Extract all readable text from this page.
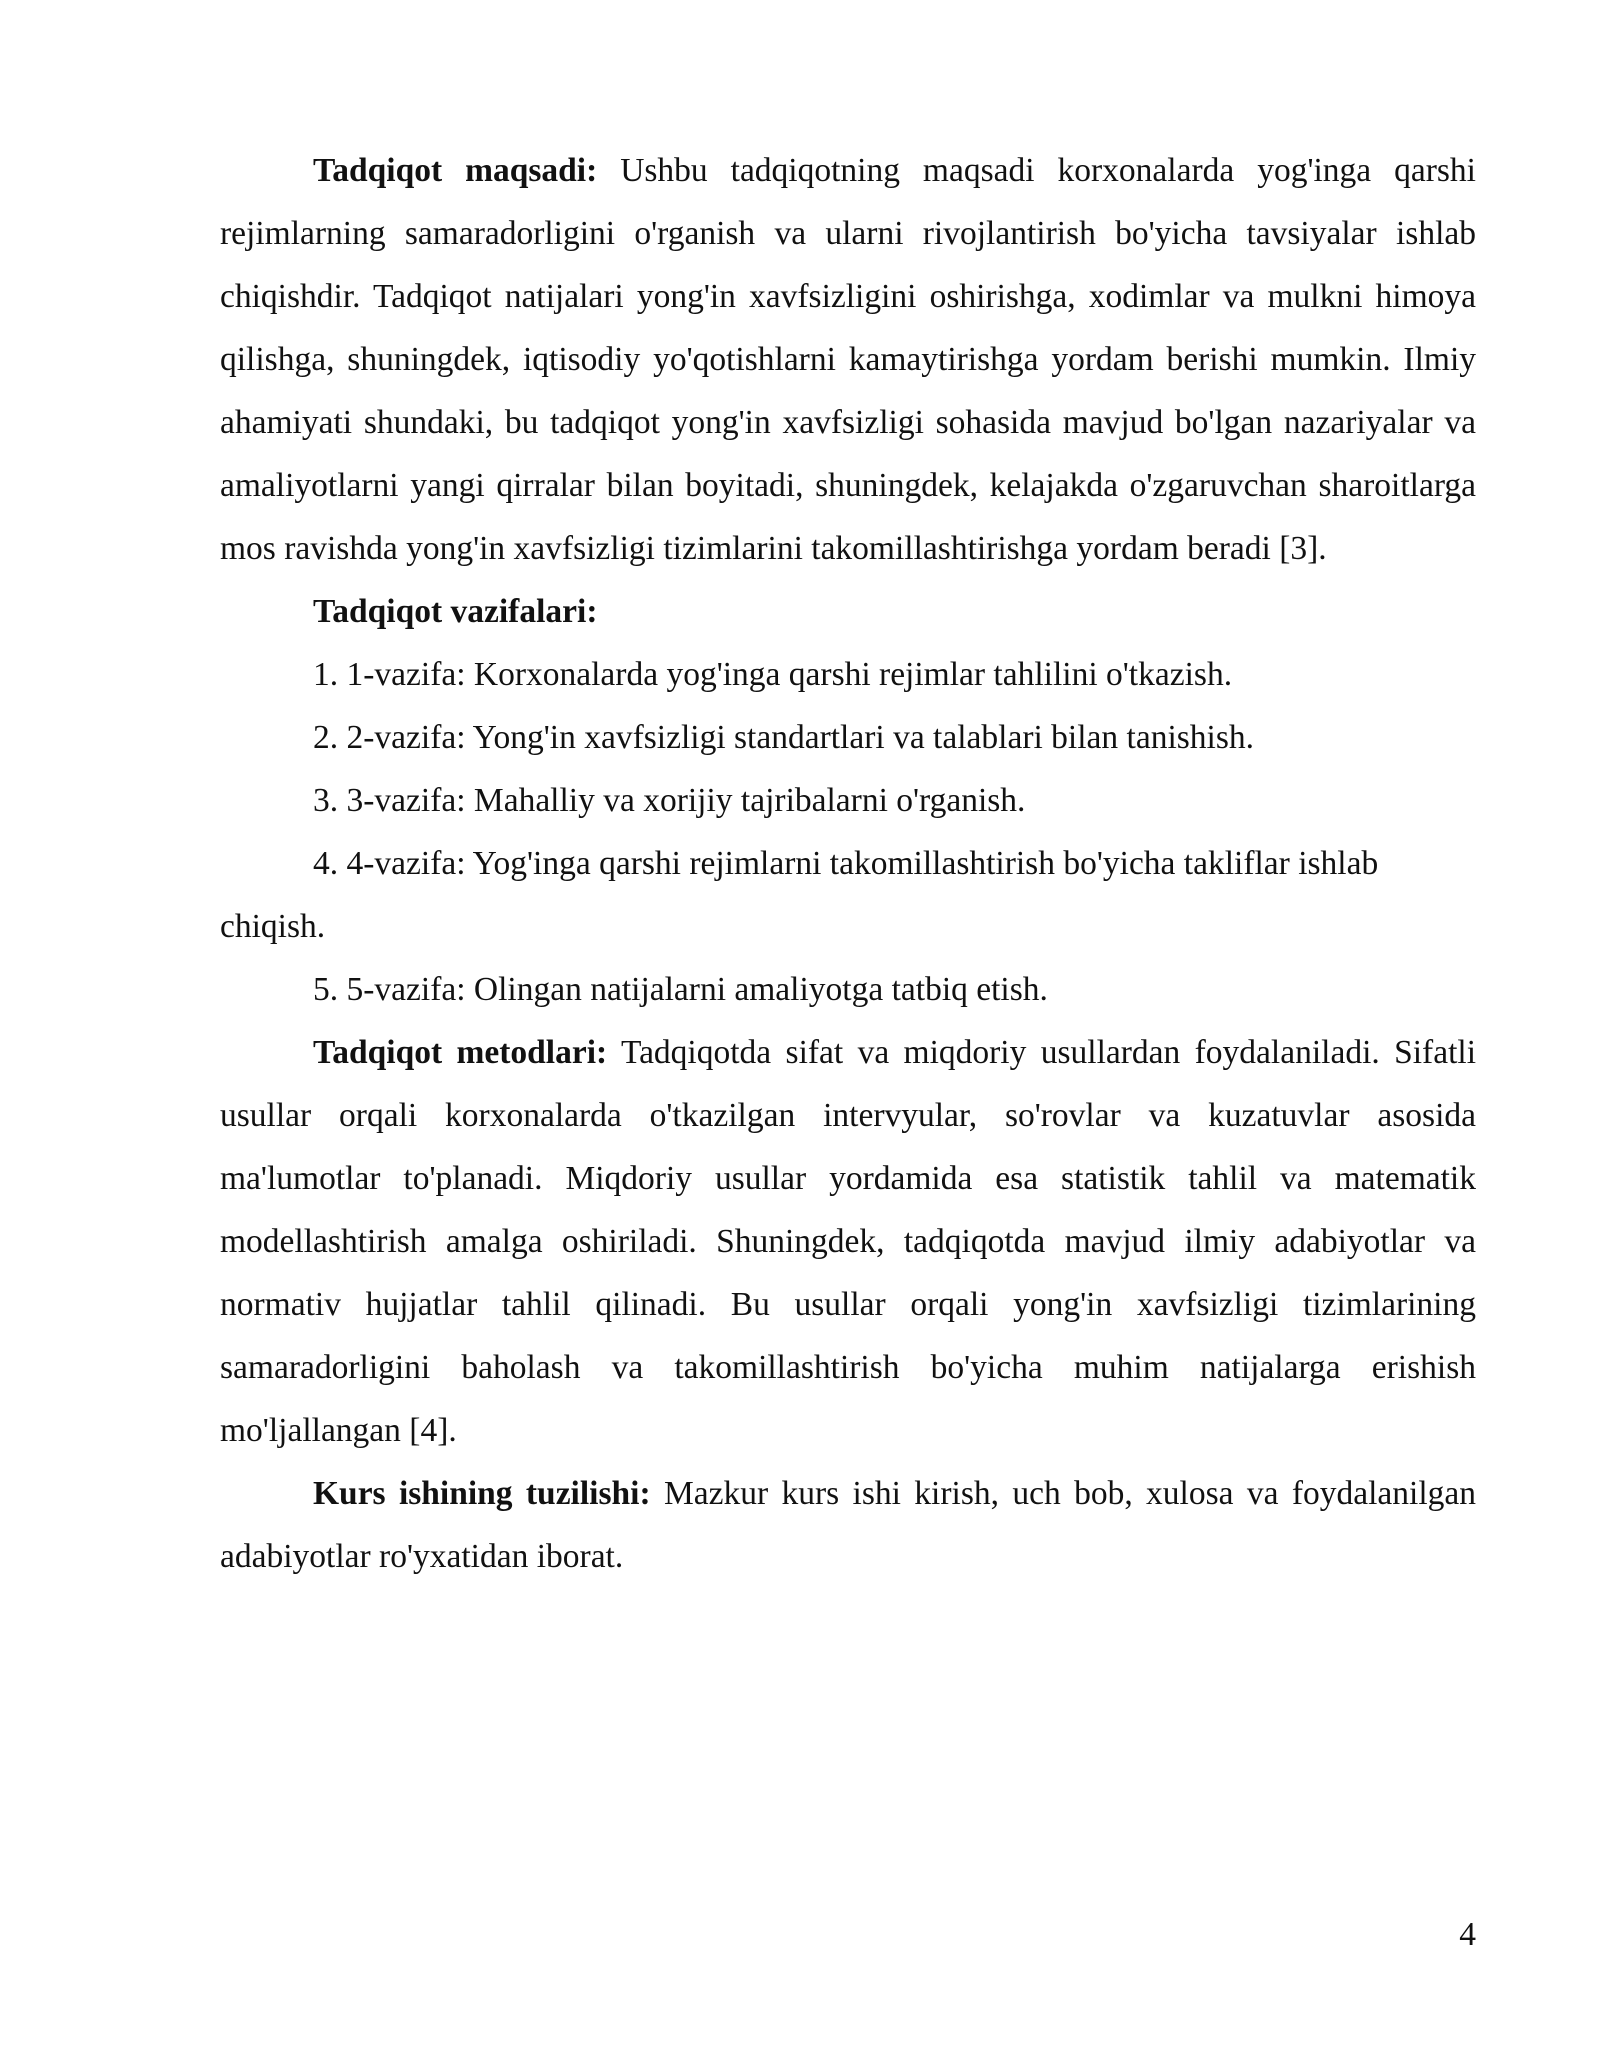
Tadqiqot maqsadi: Ushbu tadqiqotning maqsadi korxonalarda yog'inga qarshi rejimlarning samaradorligini o'rganish va ularni rivojlantirish bo'yicha tavsiyalar ishlab chiqishdir. Tadqiqot natijalari yong'in xavfsizligini oshirishga, xodimlar va mulkni himoya qilishga, shuningdek, iqtisodiy yo'qotishlarni kamaytirishga yordam berishi mumkin. Ilmiy ahamiyati shundaki, bu tadqiqot yong'in xavfsizligi sohasida mavjud bo'lgan nazariyalar va amaliyotlarni yangi qirralar bilan boyitadi, shuningdek, kelajakda o'zgaruvchan sharoitlarga mos ravishda yong'in xavfsizligi tizimlarini takomillashtirishga yordam beradi [3].

Tadqiqot vazifalari:

1. 1-vazifa: Korxonalarda yog'inga qarshi rejimlar tahlilini o'tkazish.

2. 2-vazifa: Yong'in xavfsizligi standartlari va talablari bilan tanishish.

3. 3-vazifa: Mahalliy va xorijiy tajribalarni o'rganish.

4. 4-vazifa: Yog'inga qarshi rejimlarni takomillashtirish bo'yicha takliflar ishlab

chiqish.

5. 5-vazifa: Olingan natijalarni amaliyotga tatbiq etish.

Tadqiqot metodlari: Tadqiqotda sifat va miqdoriy usullardan foydalaniladi. Sifatli usullar orqali korxonalarda o'tkazilgan intervyular, so'rovlar va kuzatuvlar asosida ma'lumotlar to'planadi. Miqdoriy usullar yordamida esa statistik tahlil va matematik modellashtirish amalga oshiriladi. Shuningdek, tadqiqotda mavjud ilmiy adabiyotlar va normativ hujjatlar tahlil qilinadi. Bu usullar orqali yong'in xavfsizligi tizimlarining samaradorligini baholash va takomillashtirish bo'yicha muhim natijalarga erishish mo'ljallangan [4].

Kurs ishining tuzilishi: Mazkur kurs ishi kirish, uch bob, xulosa va foydalanilgan adabiyotlar ro'yxatidan iborat.

4
